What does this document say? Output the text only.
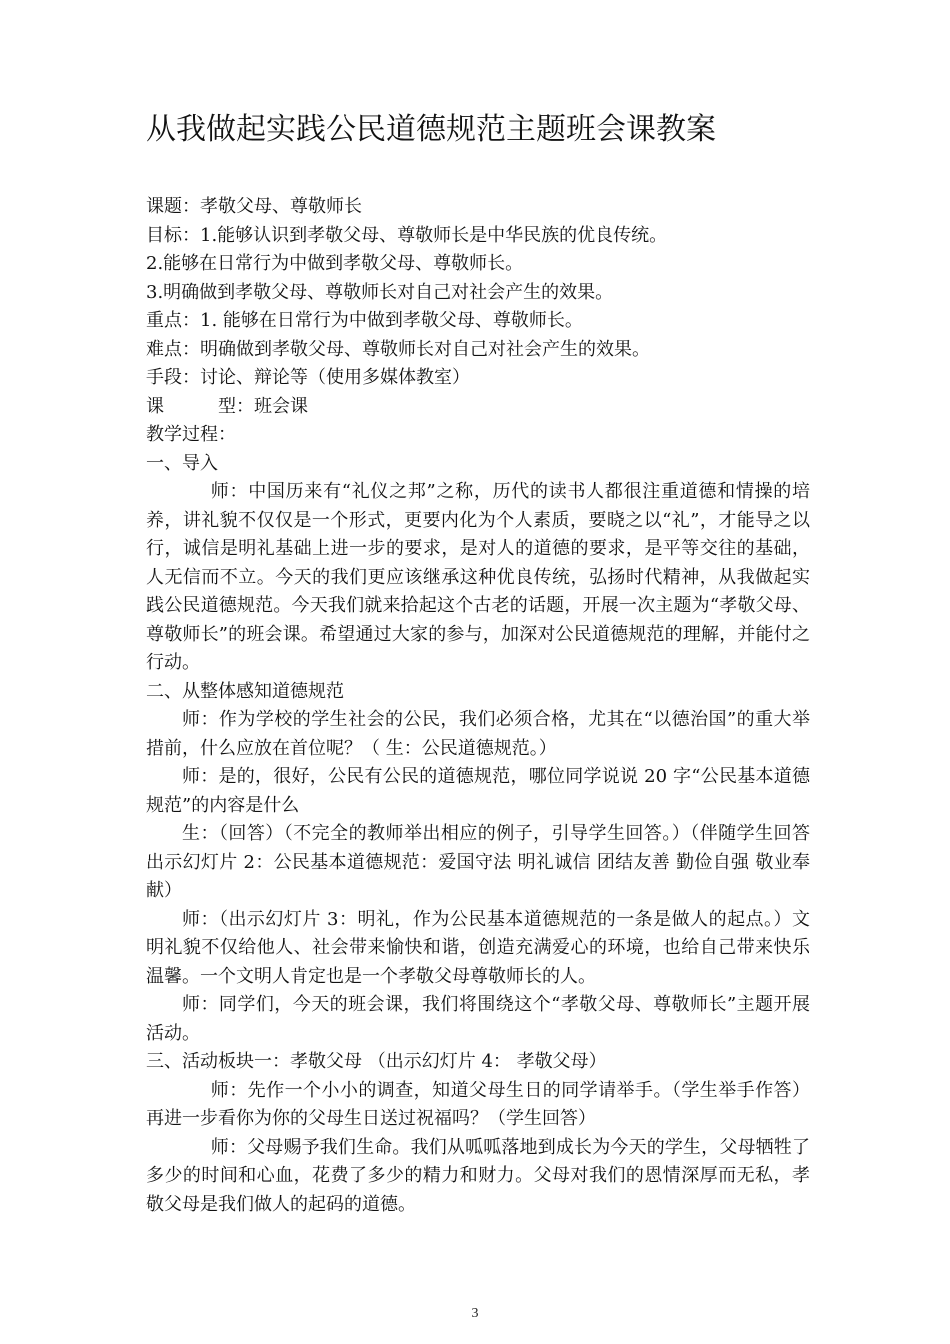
从我做起实践公民道德规范主题班会课教案

课题：孝敬父母、尊敬师长

目标：1.能够认识到孝敬父母、尊敬师长是中华民族的优良传统。

2.能够在日常行为中做到孝敬父母、尊敬师长。

3.明确做到孝敬父母、尊敬师长对自己对社会产生的效果。

重点：1. 能够在日常行为中做到孝敬父母、尊敬师长。

难点：明确做到孝敬父母、尊敬师长对自己对社会产生的效果。

手段：讨论、辩论等（使用多媒体教室）

课　　　型：班会课

教学过程：

一、导入

师：中国历来有“礼仪之邦”之称，历代的读书人都很注重道德和情操的培养，讲礼貌不仅仅是一个形式，更要内化为个人素质，要晓之以“礼”，才能导之以行，诚信是明礼基础上进一步的要求，是对人的道德的要求，是平等交往的基础，人无信而不立。今天的我们更应该继承这种优良传统，弘扬时代精神，从我做起实践公民道德规范。今天我们就来拾起这个古老的话题，开展一次主题为“孝敬父母、尊敬师长”的班会课。希望通过大家的参与，加深对公民道德规范的理解，并能付之行动。

二、从整体感知道德规范

师：作为学校的学生社会的公民，我们必须合格，尤其在“以德治国”的重大举措前，什么应放在首位呢？（ 生：公民道德规范。）

师：是的，很好，公民有公民的道德规范，哪位同学说说 20 字“公民基本道德规范”的内容是什么

生：（回答）（不完全的教师举出相应的例子，引导学生回答。）（伴随学生回答出示幻灯片 2：公民基本道德规范：爱国守法 明礼诚信 团结友善 勤俭自强 敬业奉献）

师：（出示幻灯片 3：明礼，作为公民基本道德规范的一条是做人的起点。）文明礼貌不仅给他人、社会带来愉快和谐，创造充满爱心的环境，也给自己带来快乐温馨。一个文明人肯定也是一个孝敬父母尊敬师长的人。

师：同学们，今天的班会课，我们将围绕这个“孝敬父母、尊敬师长”主题开展活动。

三、活动板块一：孝敬父母 （出示幻灯片 4： 孝敬父母）

师：先作一个小小的调查，知道父母生日的同学请举手。（学生举手作答）再进一步看你为你的父母生日送过祝福吗？（学生回答）

师：父母赐予我们生命。我们从呱呱落地到成长为今天的学生，父母牺牲了多少的时间和心血，花费了多少的精力和财力。父母对我们的恩情深厚而无私，孝敬父母是我们做人的起码的道德。

3
